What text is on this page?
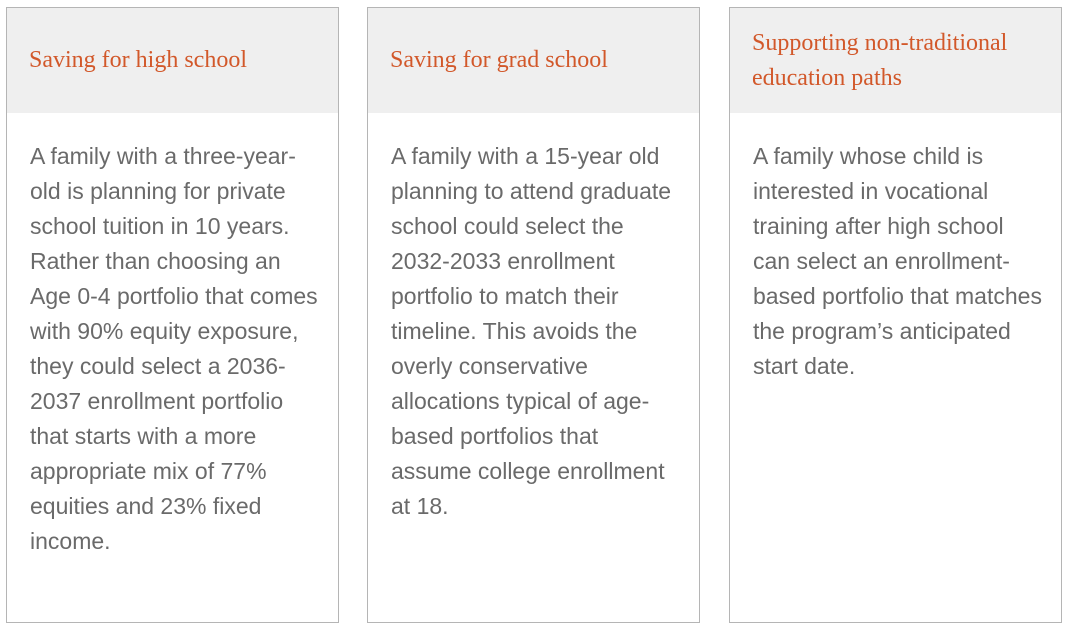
Saving for high school

A family with a three-year-old is planning for private school tuition in 10 years. Rather than choosing an Age 0-4 portfolio that comes with 90% equity exposure, they could select a 2036-2037 enrollment portfolio that starts with a more appropriate mix of 77% equities and 23% fixed income.

Saving for grad school

A family with a 15-year old planning to attend graduate school could select the 2032-2033 enrollment portfolio to match their timeline. This avoids the overly conservative allocations typical of age-based portfolios that assume college enrollment at 18.

Supporting non-traditional education paths

A family whose child is interested in vocational training after high school can select an enrollment-based portfolio that matches the program’s anticipated start date.
